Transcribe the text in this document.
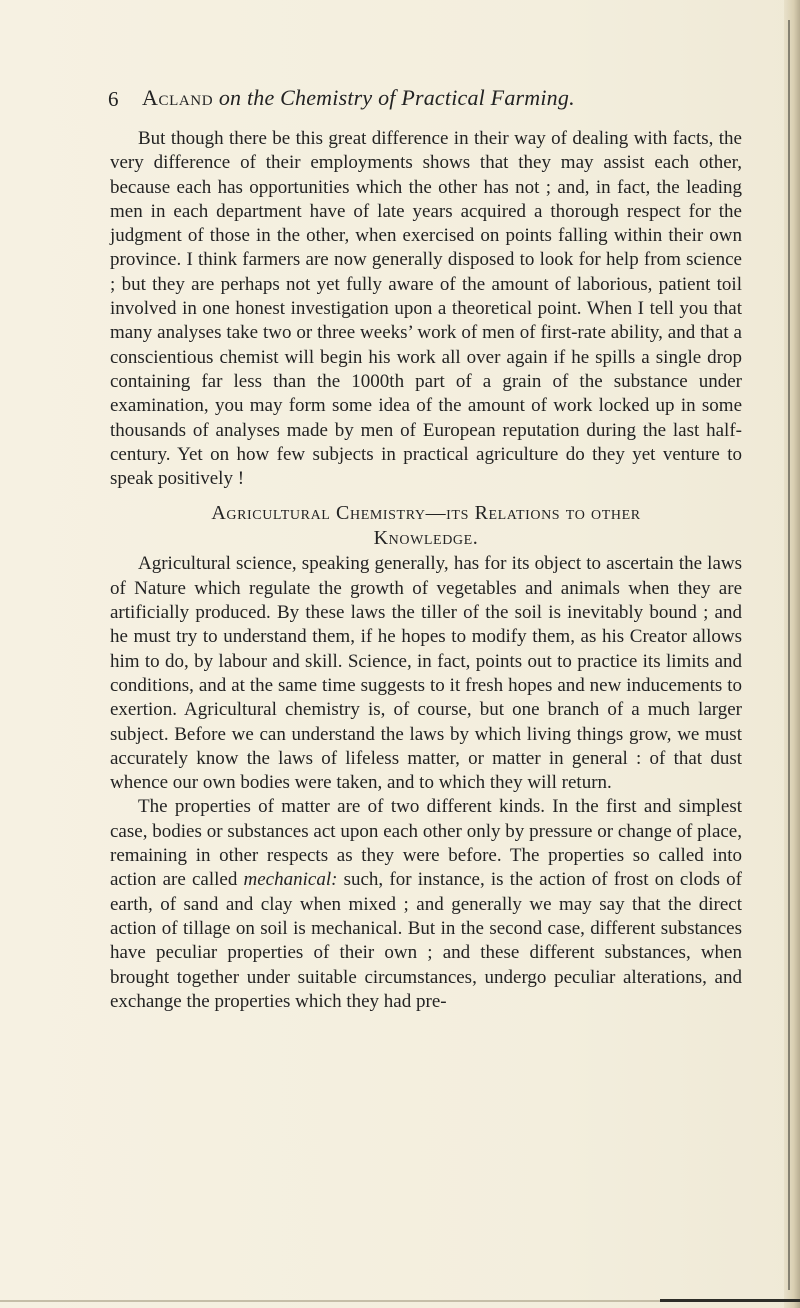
6 Acland on the Chemistry of Practical Farming.

But though there be this great difference in their way of dealing with facts, the very difference of their employments shows that they may assist each other, because each has opportunities which the other has not ; and, in fact, the leading men in each department have of late years acquired a thorough respect for the judgment of those in the other, when exercised on points falling within their own province. I think farmers are now generally disposed to look for help from science ; but they are perhaps not yet fully aware of the amount of laborious, patient toil involved in one honest investigation upon a theoretical point. When I tell you that many analyses take two or three weeks’ work of men of first-rate ability, and that a conscientious chemist will begin his work all over again if he spills a single drop containing far less than the 1000th part of a grain of the substance under examination, you may form some idea of the amount of work locked up in some thousands of analyses made by men of European reputation during the last half-century. Yet on how few subjects in practical agriculture do they yet venture to speak positively !

Agricultural Chemistry—its Relations to other
Knowledge.

Agricultural science, speaking generally, has for its object to ascertain the laws of Nature which regulate the growth of vegetables and animals when they are artificially produced. By these laws the tiller of the soil is inevitably bound ; and he must try to understand them, if he hopes to modify them, as his Creator allows him to do, by labour and skill. Science, in fact, points out to practice its limits and conditions, and at the same time suggests to it fresh hopes and new inducements to exertion. Agricultural chemistry is, of course, but one branch of a much larger subject. Before we can understand the laws by which living things grow, we must accurately know the laws of lifeless matter, or matter in general : of that dust whence our own bodies were taken, and to which they will return.

The properties of matter are of two different kinds. In the first and simplest case, bodies or substances act upon each other only by pressure or change of place, remaining in other respects as they were before. The properties so called into action are called mechanical: such, for instance, is the action of frost on clods of earth, of sand and clay when mixed ; and generally we may say that the direct action of tillage on soil is mechanical. But in the second case, different substances have peculiar properties of their own ; and these different substances, when brought together under suitable circumstances, undergo peculiar alterations, and exchange the properties which they had pre-
